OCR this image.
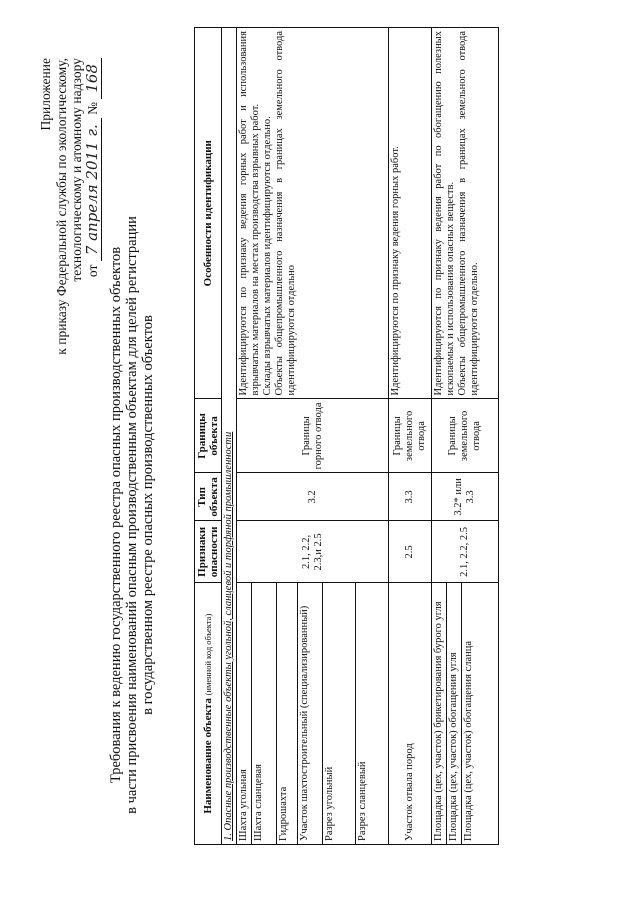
Приложение к приказу Федеральной службы по экологическому, технологическому и атомному надзору от 7 апреля 2011 г. № 168
Требования к ведению государственного реестра опасных производственных объектов в части присвоения наименований опасным производственным объектам для целей регистрации в государственном реестре опасных производственных объектов
Наименование объекта (именной код объекта)	Признаки опасности	Тип объекта	Границы объекта	Особенности идентификации
1. Опасные производственные объекты угольной, сланцевой и торфяной промышленности				
Шахта угольная	2.1, 2.2, 2.3,и 2.5	3.2	Границы горного отвода	Идентифицируются по признаку ведения горных работ и использования взрывчатых материалов на местах производства взрывных работ. Склады взрывчатых материалов идентифицируются отдельно. Объекты общепромышленного назначения в границах земельного отвода идентифицируются отдельно

Шахта сланцевая				
Гидрошахта				
Участок шахтостроительный (специализированный)				
Разрез угольный				
Разрез сланцевый				
Участок отвала пород	2.5	3.3	Границы земельного отвода	Идентифицируются по признаку ведения горных работ.

Площадка (цех, участок) брикетирования бурого угля	2.1, 2.2, 2.5	3.2* или 3.3	Границы земельного отвода	Идентифицируются по признаку ведения работ по обогащению полезных ископаемых и использования опасных веществ. Объекты общепромышленного назначения в границах земельного отвода идентифицируются отдельно.

Площадка (цех, участок) обогащения угля				
Площадка (цех, участок) обогащения сланца				
